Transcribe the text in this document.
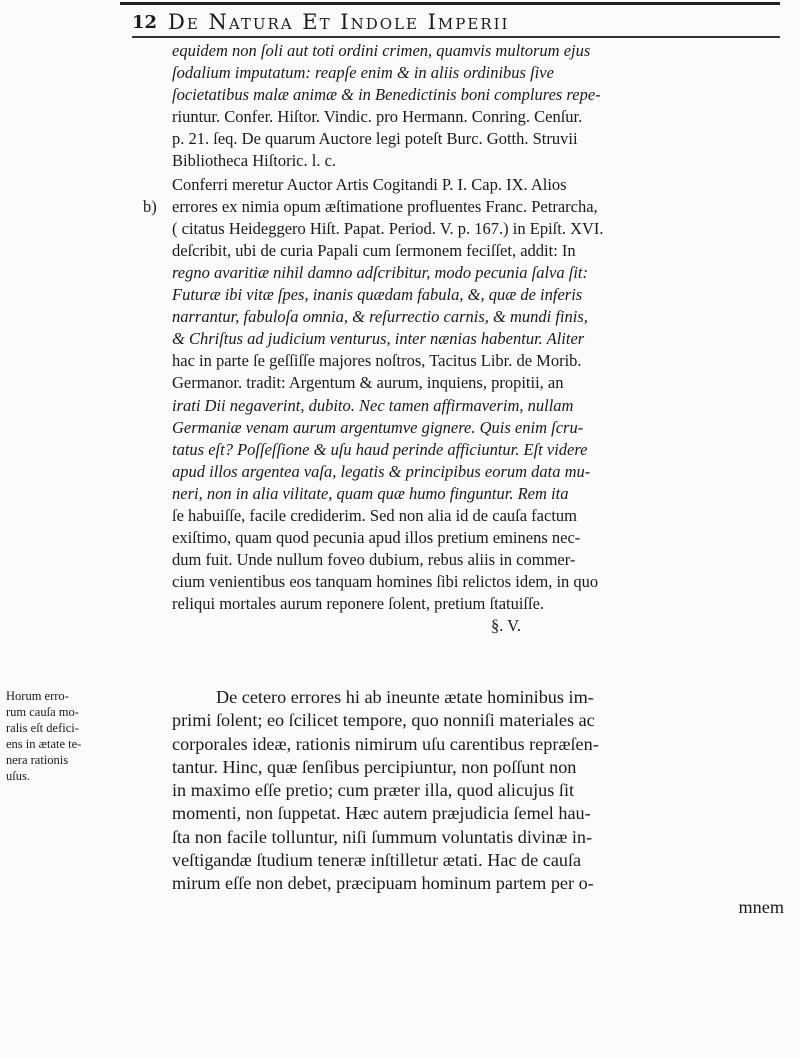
12 De Natura Et Indole Imperii
equidem non ſoli aut toti ordini crimen, quamvis multorum ejus
ſodalium imputatum: reapſe enim & in aliis ordinibus ſive
ſocietatibus malæ animæ & in Benedictinis boni complures repe-
riuntur. Confer. Hiſtor. Vindic. pro Hermann. Conring. Cenſur.
p. 21. ſeq. De quarum Auctore legi poteſt Burc. Gotth. Struvii
Bibliotheca Hiſtoric. l. c.
Conferri meretur Auctor Artis Cogitandi P. I. Cap. IX. Alios
errores ex nimia opum æſtimatione profluentes Franc. Petrarcha,
( citatus Heideggero Hiſt. Papat. Period. V. p. 167.) in Epiſt. XVI.
deſcribit, ubi de curia Papali cum ſermonem feciſſet, addit: In
regno avaritiæ nihil damno adſcribitur, modo pecunia ſalva ſit:
Futuræ ibi vitæ ſpes, inanis quædam fabula, &, quæ de inferis
narrantur, fabuloſa omnia, & reſurrectio carnis, & mundi finis,
& Chriſtus ad judicium venturus, inter nænias habentur. Aliter
hac in parte ſe geſſiſſe majores noſtros, Tacitus Libr. de Morib.
Germanor. tradit: Argentum & aurum, inquiens, propitii, an
irati Dii negaverint, dubito. Nec tamen affirmaverim, nullam
Germaniæ venam aurum argentumve gignere. Quis enim ſcru-
tatus eſt? Poſſeſſione & uſu haud perinde afficiuntur. Eſt videre
apud illos argentea vaſa, legatis & principibus eorum data mu-
neri, non in alia vilitate, quam quæ humo finguntur. Rem ita
ſe habuiſſe, facile crediderim. Sed non alia id de cauſa factum
exiſtimo, quam quod pecunia apud illos pretium eminens nec-
dum fuit. Unde nullum foveo dubium, rebus aliis in commer-
cium venientibus eos tanquam homines ſibi relictos idem, in quo
reliqui mortales aurum reponere ſolent, pretium ſtatuiſſe.
§. V.
b)
De cetero errores hi ab ineunte ætate hominibus im-
primi ſolent; eo ſcilicet tempore, quo nonniſi materiales ac
corporales ideæ, rationis nimirum uſu carentibus repræſen-
tantur. Hinc, quæ ſenſibus percipiuntur, non poſſunt non
in maximo eſſe pretio; cum præter illa, quod alicujus ſit
momenti, non ſuppetat. Hæc autem præjudicia ſemel hau-
ſta non facile tolluntur, niſi ſummum voluntatis divinæ in-
veſtigandæ ſtudium teneræ inſtilletur ætati. Hac de cauſa
mirum eſſe non debet, præcipuam hominum partem per o-
mnem
Horum erro-
rum cauſa mo-
ralis eſt defici-
ens in ætate te-
nera rationis
uſus.
